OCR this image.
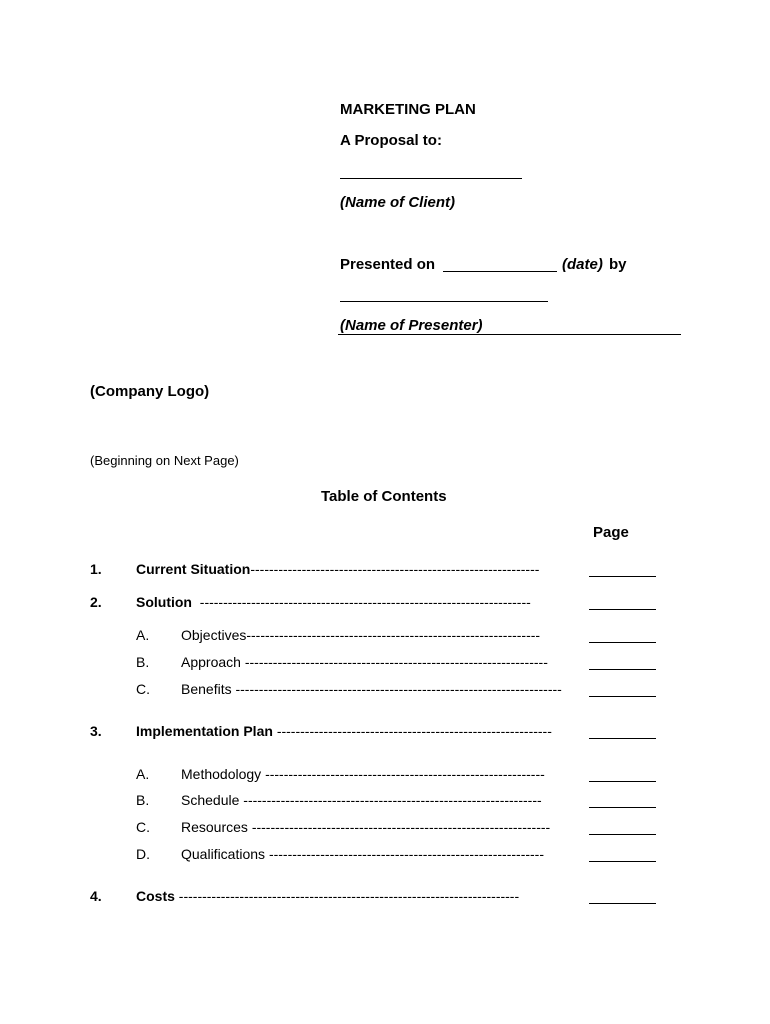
MARKETING PLAN
A Proposal to:
(Name of Client)
Presented on	(date) by
(Name of Presenter)
(Company Logo)
(Beginning on Next Page)
Table of Contents
Page
1. Current Situation--------------------------------------------------------------
2. Solution -----------------------------------------------------------------------
A. Objectives---------------------------------------------------------------
B. Approach -----------------------------------------------------------------
C. Benefits ----------------------------------------------------------------------
3. Implementation Plan -----------------------------------------------------------
A. Methodology ------------------------------------------------------------
B. Schedule ----------------------------------------------------------------
C. Resources ----------------------------------------------------------------
D. Qualifications -----------------------------------------------------------
4. Costs -------------------------------------------------------------------------
